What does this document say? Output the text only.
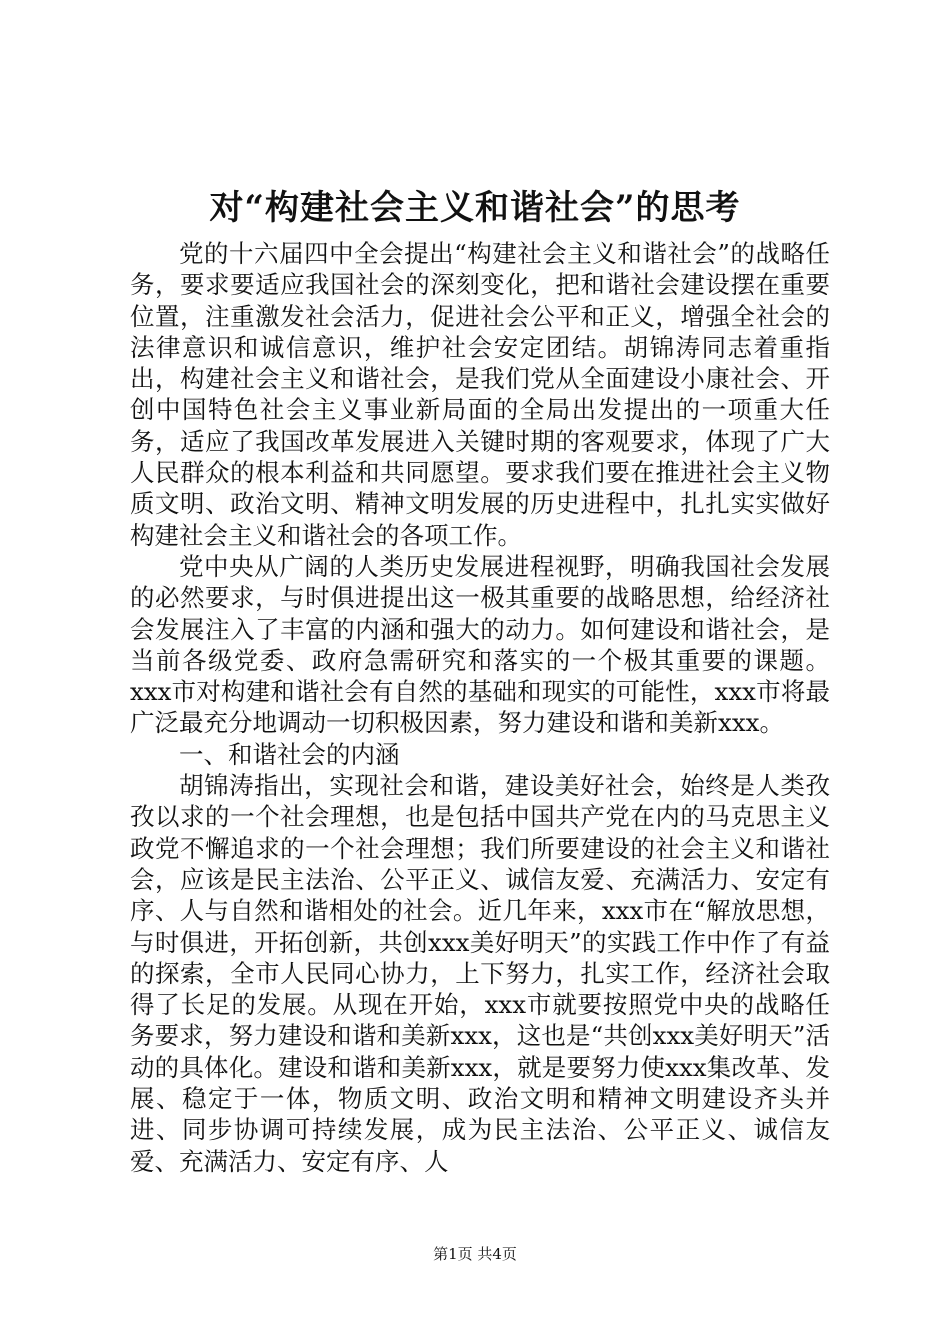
对“构建社会主义和谐社会”的思考

党的十六届四中全会提出“构建社会主义和谐社会”的战略任务，要求要适应我国社会的深刻变化，把和谐社会建设摆在重要位置，注重激发社会活力，促进社会公平和正义，增强全社会的法律意识和诚信意识，维护社会安定团结。胡锦涛同志着重指出，构建社会主义和谐社会，是我们党从全面建设小康社会、开创中国特色社会主义事业新局面的全局出发提出的一项重大任务，适应了我国改革发展进入关键时期的客观要求，体现了广大人民群众的根本利益和共同愿望。要求我们要在推进社会主义物质文明、政治文明、精神文明发展的历史进程中，扎扎实实做好构建社会主义和谐社会的各项工作。

党中央从广阔的人类历史发展进程视野，明确我国社会发展的必然要求，与时俱进提出这一极其重要的战略思想，给经济社会发展注入了丰富的内涵和强大的动力。如何建设和谐社会，是当前各级党委、政府急需研究和落实的一个极其重要的课题。xxx市对构建和谐社会有自然的基础和现实的可能性，xxx市将最广泛最充分地调动一切积极因素，努力建设和谐和美新xxx。

一、和谐社会的内涵

胡锦涛指出，实现社会和谐，建设美好社会，始终是人类孜孜以求的一个社会理想，也是包括中国共产党在内的马克思主义政党不懈追求的一个社会理想；我们所要建设的社会主义和谐社会，应该是民主法治、公平正义、诚信友爱、充满活力、安定有序、人与自然和谐相处的社会。近几年来，xxx市在“解放思想，与时俱进，开拓创新，共创xxx美好明天”的实践工作中作了有益的探索，全市人民同心协力，上下努力，扎实工作，经济社会取得了长足的发展。从现在开始，xxx市就要按照党中央的战略任务要求，努力建设和谐和美新xxx，这也是“共创xxx美好明天”活动的具体化。建设和谐和美新xxx，就是要努力使xxx集改革、发展、稳定于一体，物质文明、政治文明和精神文明建设齐头并进、同步协调可持续发展，成为民主法治、公平正义、诚信友爱、充满活力、安定有序、人

第1页 共4页
